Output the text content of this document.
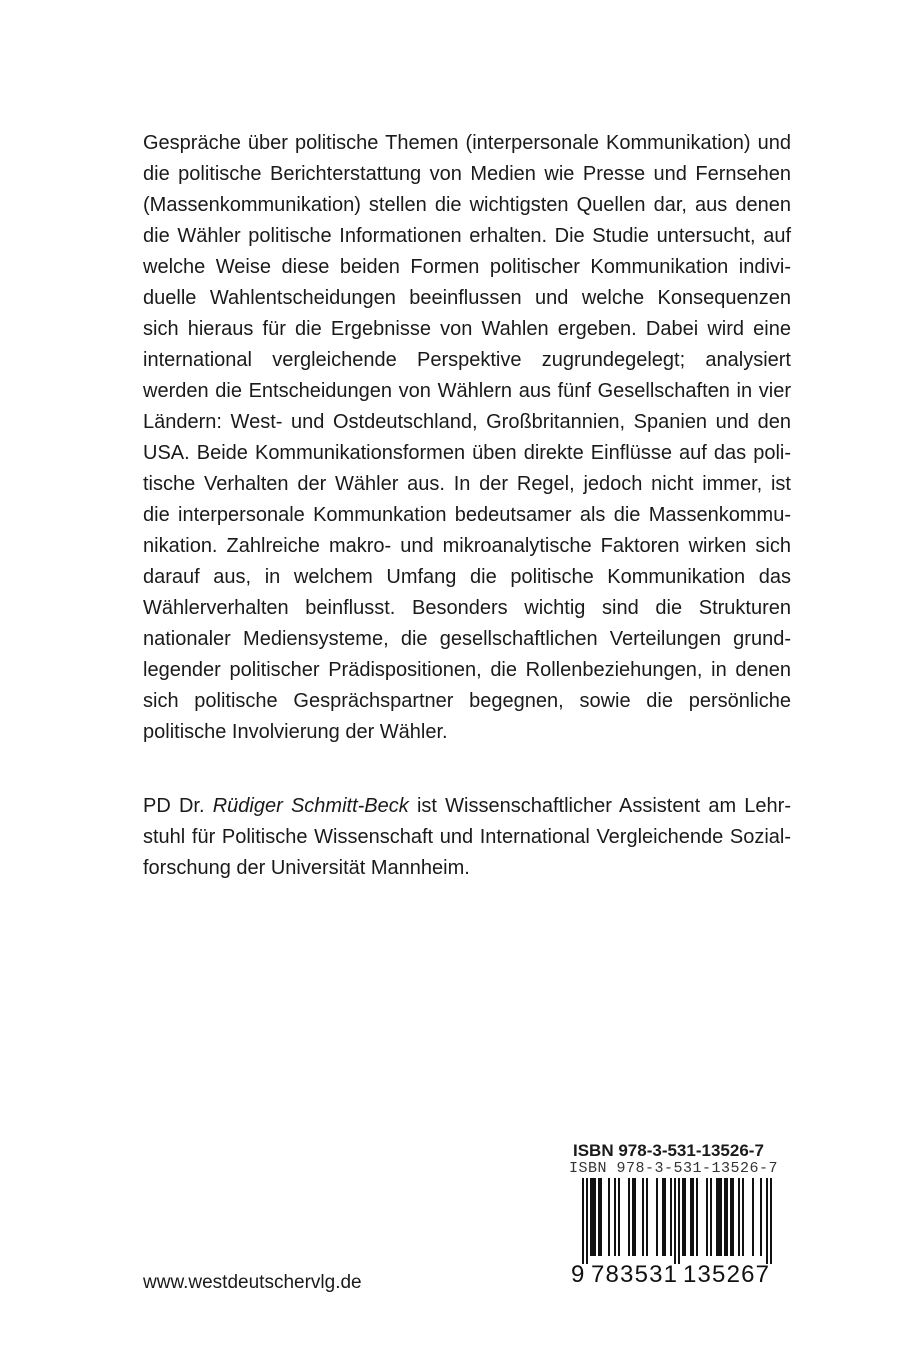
Gespräche über politische Themen (interpersonale Kommunikation) und
die politische Berichterstattung von Medien wie Presse und Fernsehen
(Massenkommunikation) stellen die wichtigsten Quellen dar, aus denen
die Wähler politische Informationen erhalten. Die Studie untersucht, auf
welche Weise diese beiden Formen politischer Kommunikation indivi-
duelle Wahlentscheidungen beeinflussen und welche Konsequenzen
sich hieraus für die Ergebnisse von Wahlen ergeben. Dabei wird eine
international vergleichende Perspektive zugrundegelegt; analysiert
werden die Entscheidungen von Wählern aus fünf Gesellschaften in vier
Ländern: West- und Ostdeutschland, Großbritannien, Spanien und den
USA. Beide Kommunikationsformen üben direkte Einflüsse auf das poli-
tische Verhalten der Wähler aus. In der Regel, jedoch nicht immer, ist
die interpersonale Kommunkation bedeutsamer als die Massenkommu-
nikation. Zahlreiche makro- und mikroanalytische Faktoren wirken sich
darauf aus, in welchem Umfang die politische Kommunikation das
Wählerverhalten beinflusst. Besonders wichtig sind die Strukturen
nationaler Mediensysteme, die gesellschaftlichen Verteilungen grund-
legender politischer Prädispositionen, die Rollenbeziehungen, in denen
sich politische Gesprächspartner begegnen, sowie die persönliche
politische Involvierung der Wähler.
PD Dr. Rüdiger Schmitt-Beck ist Wissenschaftlicher Assistent am Lehr-
stuhl für Politische Wissenschaft und International Vergleichende Sozial-
forschung der Universität Mannheim.
ISBN 978-3-531-13526-7
ISBN 978-3-531-13526-7
9 783531 135267
www.westdeutschervlg.de
